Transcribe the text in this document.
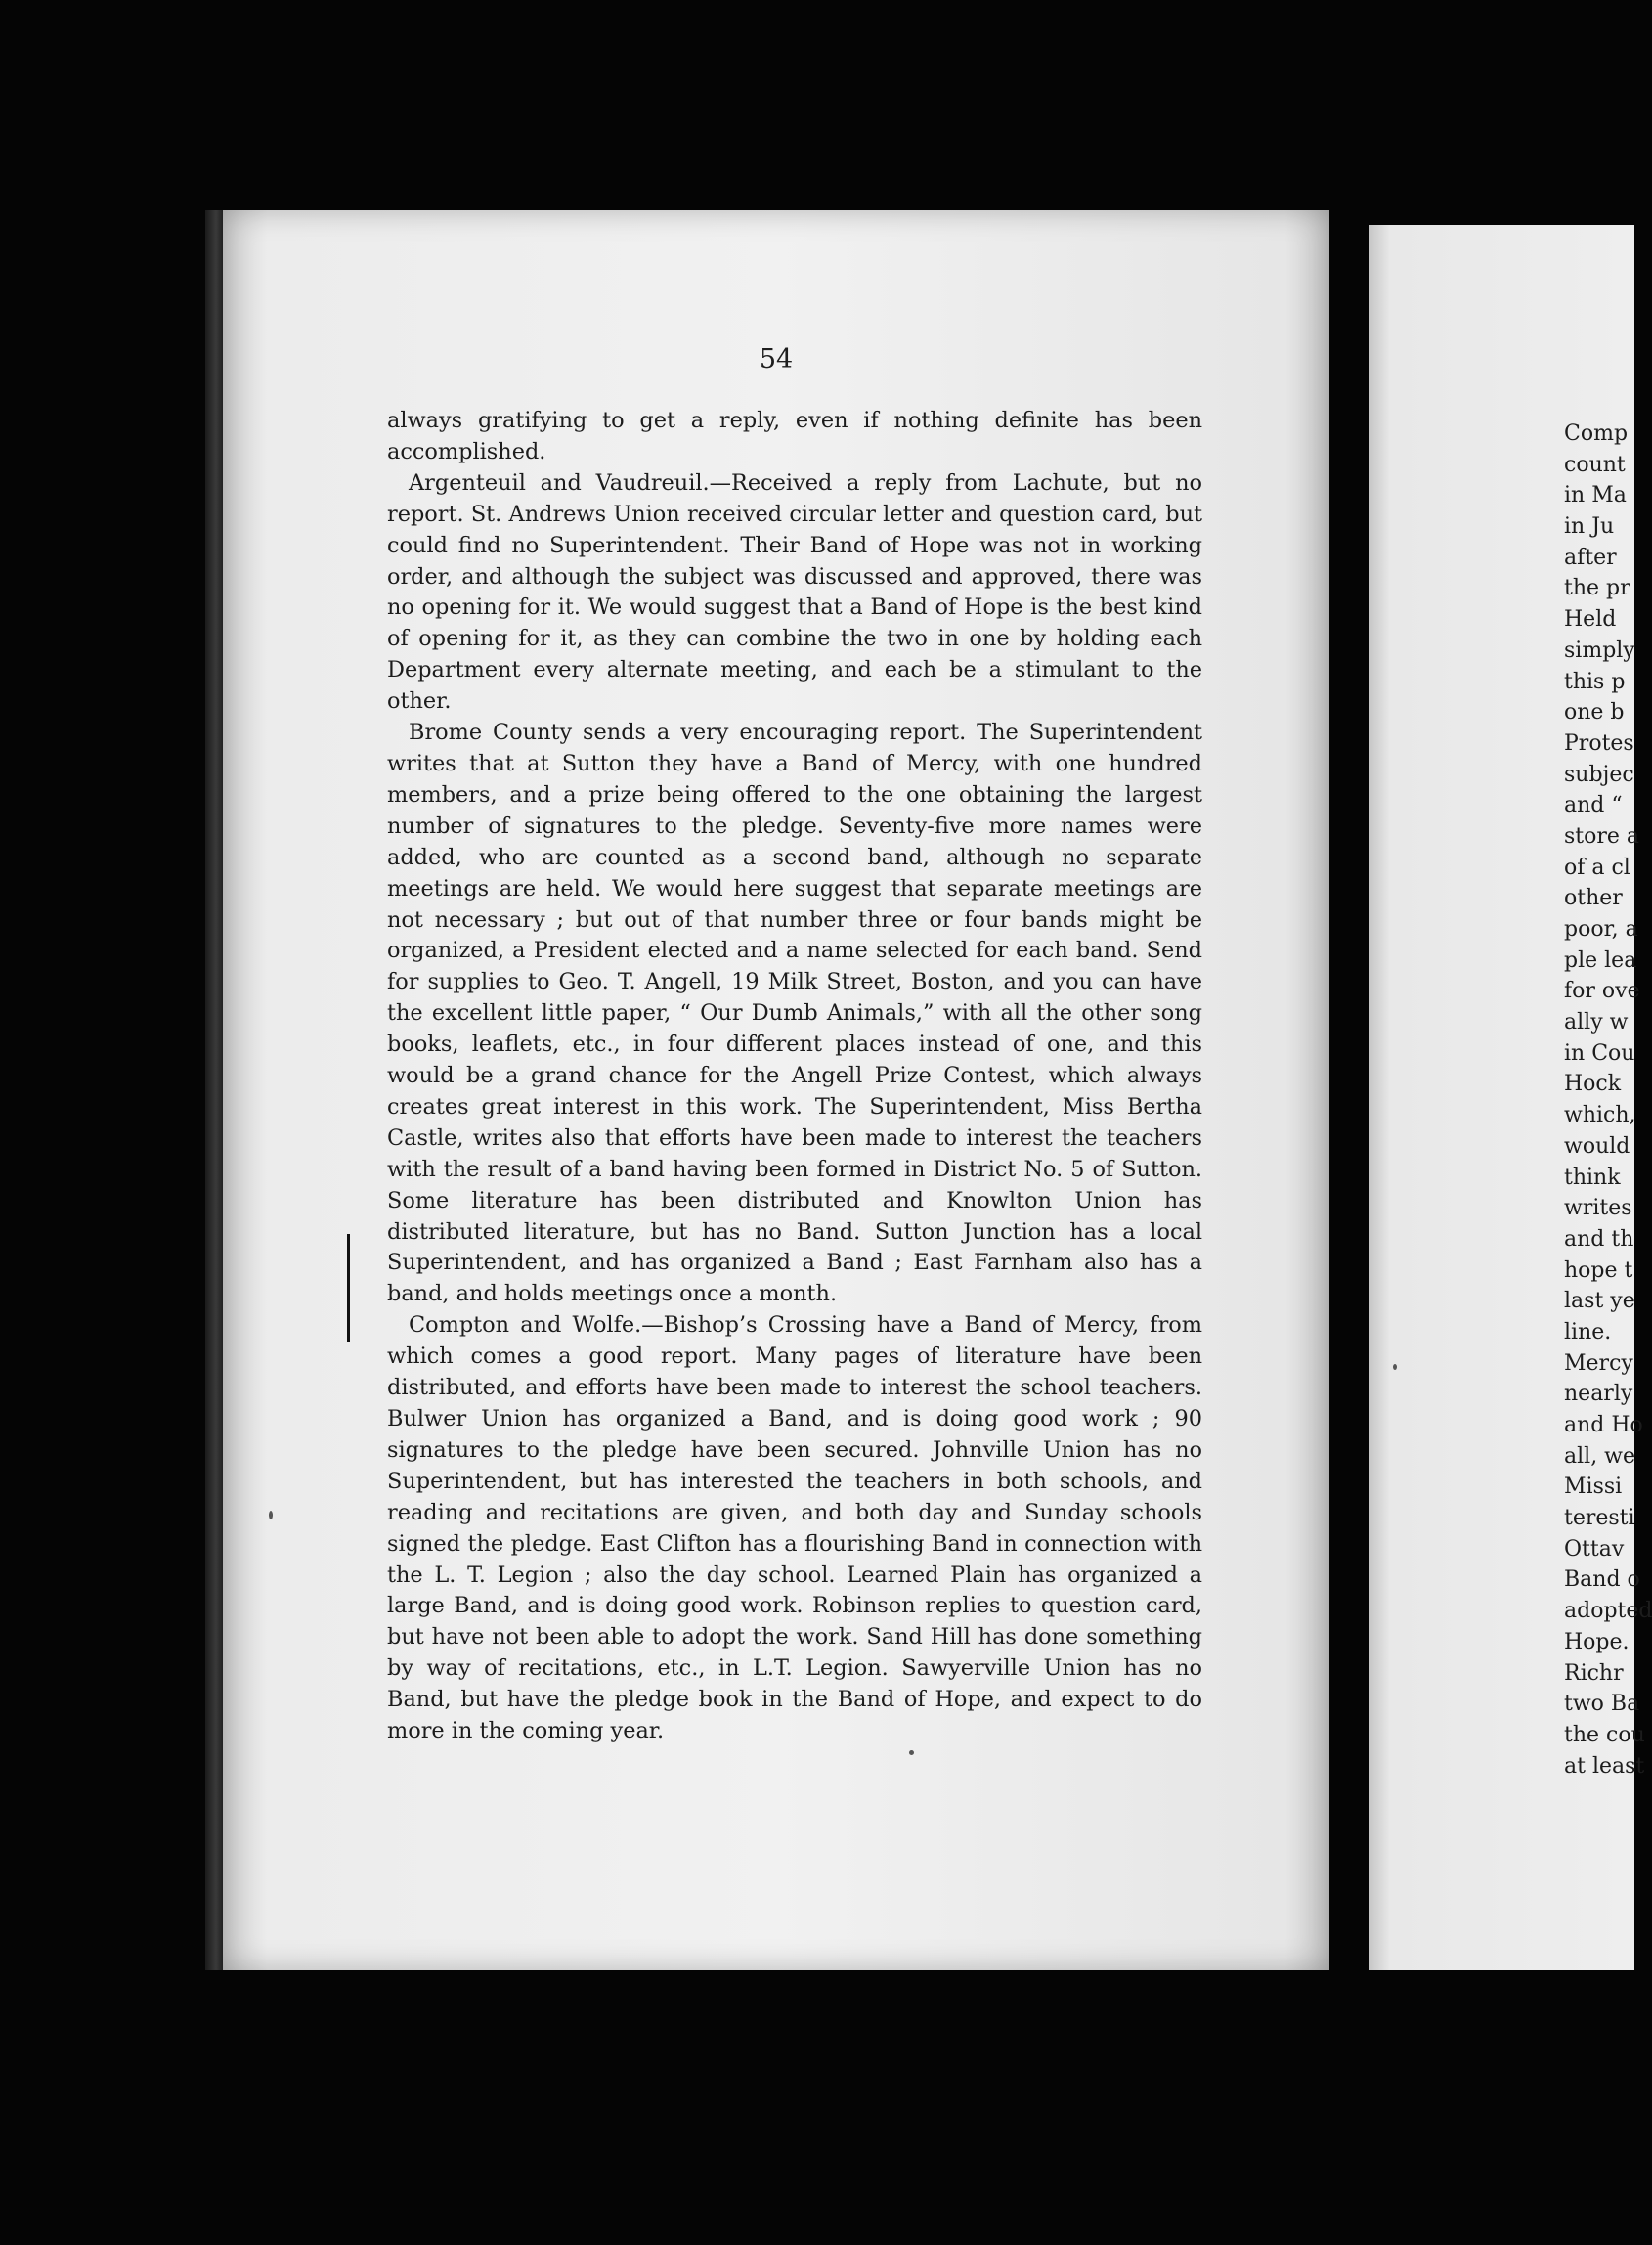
54

always gratifying to get a reply, even if nothing definite has been accomplished.

Argenteuil and Vaudreuil.—Received a reply from Lachute, but no report. St. Andrews Union received circular letter and question card, but could find no Superintendent. Their Band of Hope was not in working order, and although the subject was discussed and approved, there was no opening for it. We would suggest that a Band of Hope is the best kind of opening for it, as they can combine the two in one by holding each Department every alternate meeting, and each be a stimulant to the other.

Brome County sends a very encouraging report. The Superintendent writes that at Sutton they have a Band of Mercy, with one hundred members, and a prize being offered to the one obtaining the largest number of signatures to the pledge. Seventy-five more names were added, who are counted as a second band, although no separate meetings are held. We would here suggest that separate meetings are not necessary ; but out of that number three or four bands might be organized, a President elected and a name selected for each band. Send for supplies to Geo. T. Angell, 19 Milk Street, Boston, and you can have the excellent little paper, “ Our Dumb Animals,” with all the other song books, leaflets, etc., in four different places instead of one, and this would be a grand chance for the Angell Prize Contest, which always creates great interest in this work. The Superintendent, Miss Bertha Castle, writes also that efforts have been made to interest the teachers with the result of a band having been formed in District No. 5 of Sutton. Some literature has been distributed and Knowlton Union has distributed literature, but has no Band. Sutton Junction has a local Superintendent, and has organized a Band ; East Farnham also has a band, and holds meetings once a month.

Compton and Wolfe.—Bishop’s Crossing have a Band of Mercy, from which comes a good report. Many pages of literature have been distributed, and efforts have been made to interest the school teachers. Bulwer Union has organized a Band, and is doing good work ; 90 signatures to the pledge have been secured. Johnville Union has no Superintendent, but has interested the teachers in both schools, and reading and recitations are given, and both day and Sunday schools signed the pledge. East Clifton has a flourishing Band in connection with the L. T. Legion ; also the day school. Learned Plain has organized a large Band, and is doing good work. Robinson replies to question card, but have not been able to adopt the work. Sand Hill has done something by way of recitations, etc., in L.T. Legion. Sawyerville Union has no Band, but have the pledge book in the Band of Hope, and expect to do more in the coming year.

Comp
count
in Ma
in Ju
after
the pr
Held
simply
this p
one b
Protes
subjec
and “
store a
of a cl
other
poor, a
ple lea
for ove
ally w
in Cou
Hock
which,
would
think
writes
and th
hope t
last ye
line.
Mercy
nearly
and Ho
all, we
Missi
teresti
Ottav
Band o
adopted
Hope.
Richr
two Ba
the cou
at least
